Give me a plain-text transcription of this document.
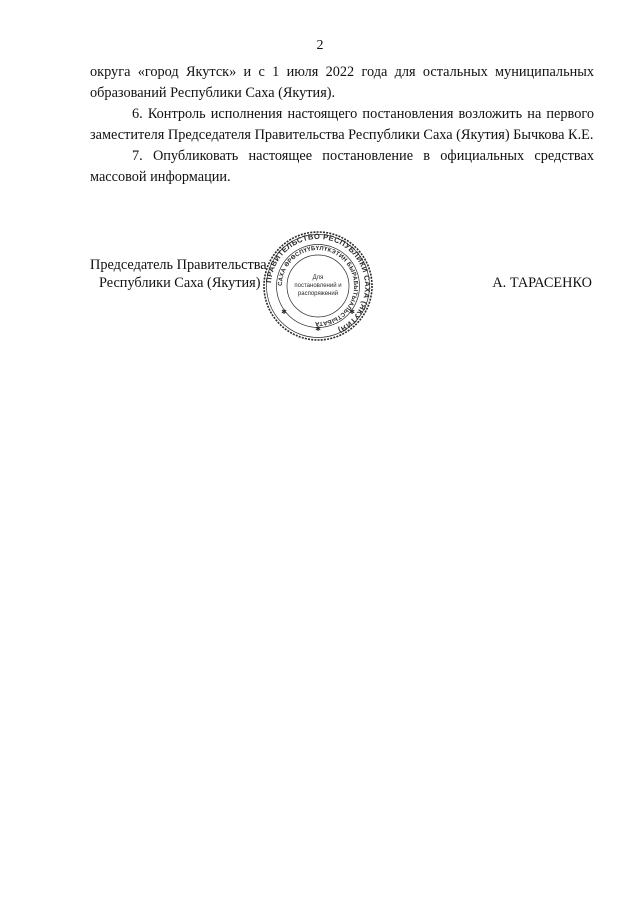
2

округа «город Якутск» и с 1 июля 2022 года для остальных муниципальных образований Республики Саха (Якутия).

6. Контроль исполнения настоящего постановления возложить на первого заместителя Председателя Правительства Республики Саха (Якутия) Бычкова К.Е.

7. Опубликовать настоящее постановление в официальных средствах массовой информации.

Председатель Правительства
Республики Саха (Якутия)	А. ТАРАСЕНКО
ПРАВИТЕЛЬСТВО РЕСПУБЛИКИ САХА (ЯКУТИЯ)
САХА ӨРӨСПҮҮБҮЛҮКЭТИН БЫРАБЫТЫАЛЬСТЫБАТА
Для
постановлений и
распоряжений
✱	✱
✱
